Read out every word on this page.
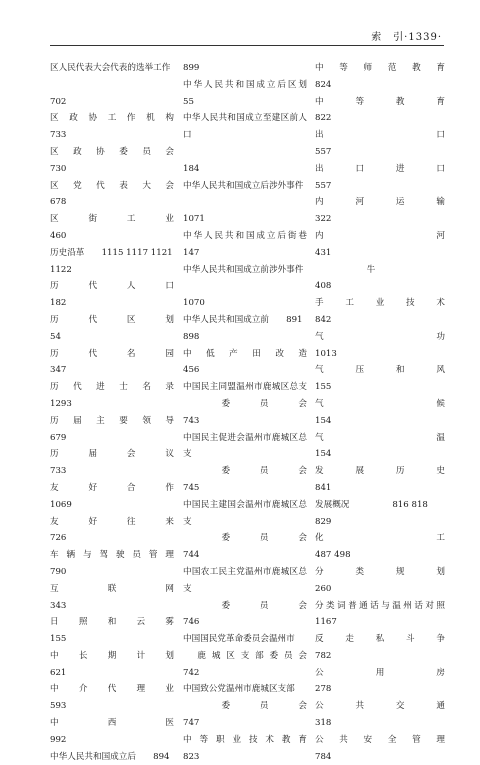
索　引·1339·
区人民代表大会代表的选举工作
702
区政协工作机构
733
区政协委员会
730
区党代表大会
678
区街工业
460
历史沿革　　1115 1117 1121
1122
历代人口
182
历代区划
54
历代名园
347
历代进士名录
1293
历届主要领导
679
历届会议
733
友好合作
1069
友好往来
726
车辆与驾驶员管理
790
互联网
343
日照和云雾
155
中长期计划
621
中介代理业
593
中西医
992
中华人民共和国成立后　　894
899
中华人民共和国成立后区划
55
中华人民共和国成立至建区前人
口
184
中华人民共和国成立后涉外事件
1071
中华人民共和国成立后街巷
147
中华人民共和国成立前涉外事件
1070
中华人民共和国成立前　　891
898
中低产田改造
456
中国民主同盟温州市鹿城区总支
　委员会
743
中国民主促进会温州市鹿城区总
支
　委员会
745
中国民主建国会温州市鹿城区总
支
　委员会
744
中国农工民主党温州市鹿城区总
支
　委员会
746
中国国民党革命委员会温州市
　鹿城区支部委员会
742
中国致公党温州市鹿城区支部
　委员会
747
中等职业技术教育
823
中等师范教育
824
中等教育
822
出口
557
出口进口
557
内河运输
322
内河
431
　　　　　　牛
408
手工业技术
842
气功
1013
气压和风
155
气候
154
气温
154
发展历史
841
发展概况　　　　　816 818
829
化工
487 498
分类规划
260
分类词普通话与温州话对照
1167
反走私斗争
782
公用房
278
公共交通
318
公共安全管理
784
